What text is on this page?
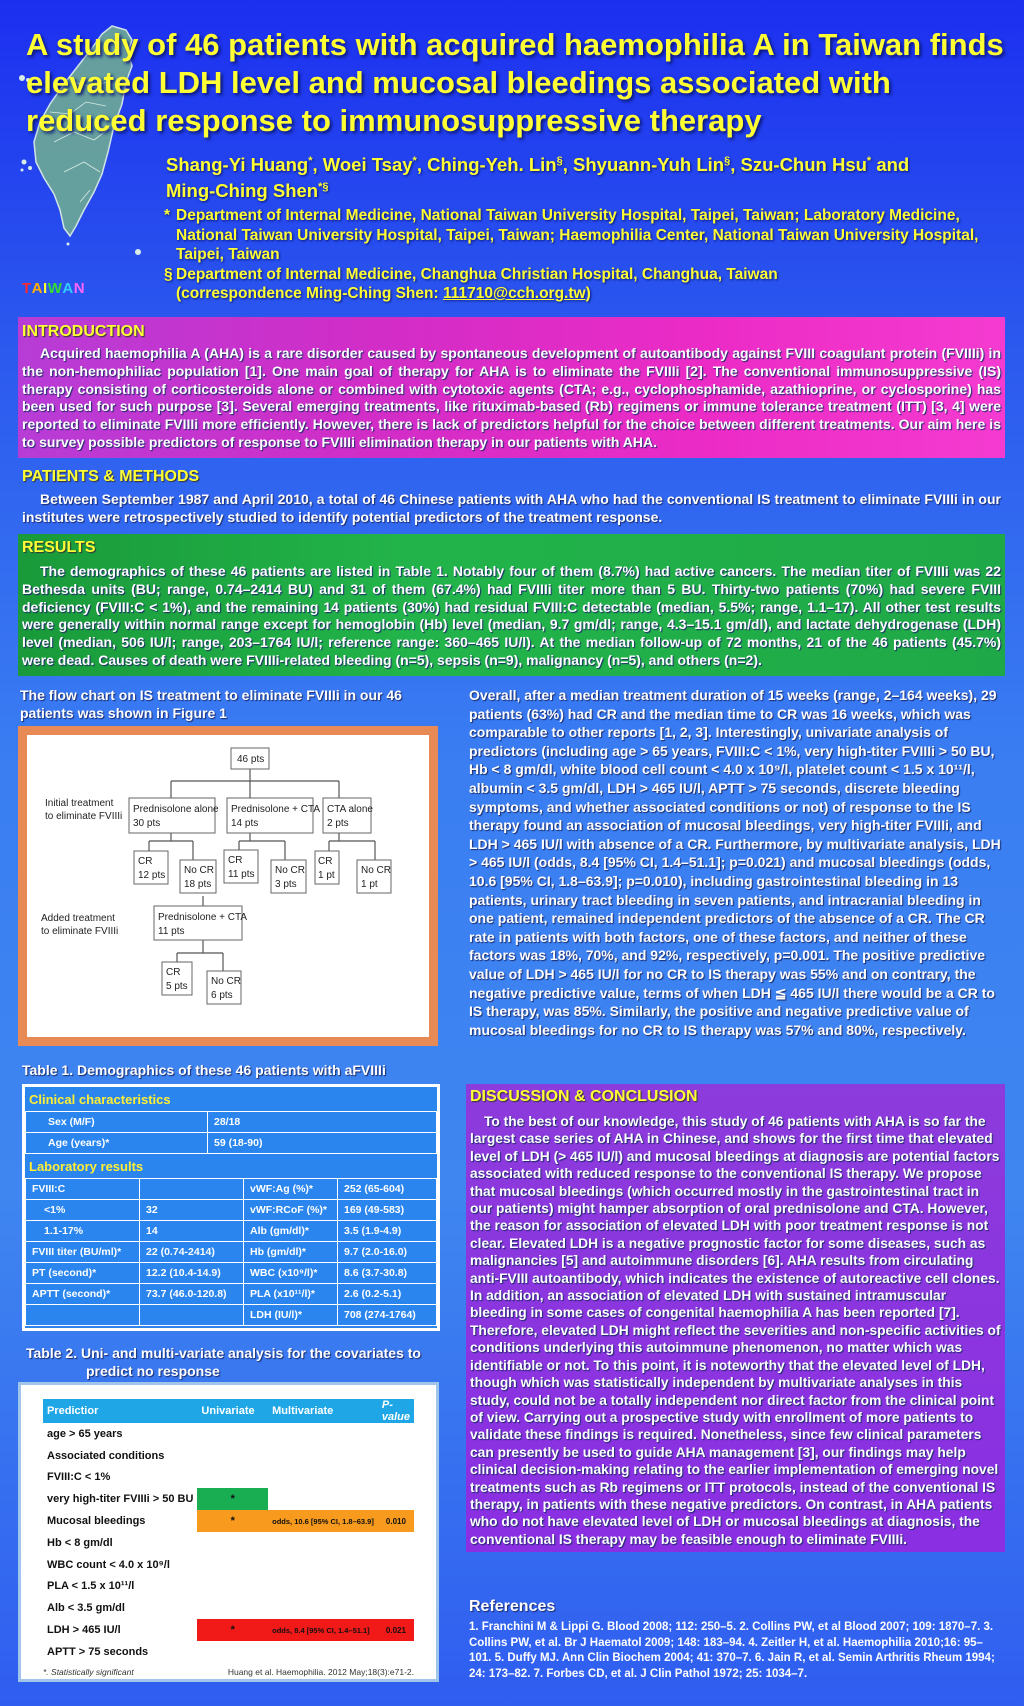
A study of 46 patients with acquired haemophilia A in Taiwan finds elevated LDH level and mucosal bleedings associated with reduced response to immunosuppressive therapy
Shang-Yi Huang*, Woei Tsay*, Ching-Yeh. Lin§, Shyuann-Yuh Lin§, Szu-Chun Hsu* and
Ming-Ching Shen*§
* Department of Internal Medicine, National Taiwan University Hospital, Taipei, Taiwan; Laboratory Medicine, National Taiwan University Hospital, Taipei, Taiwan; Haemophilia Center, National Taiwan University Hospital, Taipei, Taiwan
§ Department of Internal Medicine, Changhua Christian Hospital, Changhua, Taiwan
(correspondence Ming-Ching Shen: 111710@cch.org.tw)
TAIWAN
INTRODUCTION
Acquired haemophilia A (AHA) is a rare disorder caused by spontaneous development of autoantibody against FVIII coagulant protein (FVIIIi) in the non-hemophiliac population [1]. One main goal of therapy for AHA is to eliminate the FVIIIi [2]. The conventional immunosuppressive (IS) therapy consisting of corticosteroids alone or combined with cytotoxic agents (CTA; e.g., cyclophosphamide, azathioprine, or cyclosporine) has been used for such purpose [3]. Several emerging treatments, like rituximab-based (Rb) regimens or immune tolerance treatment (ITT) [3, 4] were reported to eliminate FVIIIi more efficiently. However, there is lack of predictors helpful for the choice between different treatments. Our aim here is to survey possible predictors of response to FVIIIi elimination therapy in our patients with AHA.
PATIENTS & METHODS
Between September 1987 and April 2010, a total of 46 Chinese patients with AHA who had the conventional IS treatment to eliminate FVIIIi in our institutes were retrospectively studied to identify potential predictors of the treatment response.
RESULTS
The demographics of these 46 patients are listed in Table 1. Notably four of them (8.7%) had active cancers. The median titer of FVIIIi was 22 Bethesda units (BU; range, 0.74–2414 BU) and 31 of them (67.4%) had FVIIIi titer more than 5 BU. Thirty-two patients (70%) had severe FVIII deficiency (FVIII:C < 1%), and the remaining 14 patients (30%) had residual FVIII:C detectable (median, 5.5%; range, 1.1–17). All other test results were generally within normal range except for hemoglobin (Hb) level (median, 9.7 gm/dl; range, 4.3–15.1 gm/dl), and lactate dehydrogenase (LDH) level (median, 506 IU/l; range, 203–1764 IU/l; reference range: 360–465 IU/l). At the median follow-up of 72 months, 21 of the 46 patients (45.7%) were dead. Causes of death were FVIIIi-related bleeding (n=5), sepsis (n=9), malignancy (n=5), and others (n=2).
The flow chart on IS treatment to eliminate FVIIIi in our 46 patients was shown in Figure 1
46 pts
Initial treatment
to eliminate FVIIIi
Added treatment
to eliminate FVIIIi
Prednisolone alone
30 pts
Prednisolone + CTA
14 pts
CTA alone
2 pts
CR
12 pts No CR
18 pts
CR
11 pts No CR
3 pts
CR
1 pt	No CR
1 pt
Prednisolone + CTA
11 pts
CR
5 pts No CR
6 pts
Overall, after a median treatment duration of 15 weeks (range, 2–164 weeks), 29 patients (63%) had CR and the median time to CR was 16 weeks, which was comparable to other reports [1, 2, 3]. Interestingly, univariate analysis of predictors (including age > 65 years, FVIII:C < 1%, very high-titer FVIIIi > 50 BU, Hb < 8 gm/dl, white blood cell count < 4.0 x 10⁹/l, platelet count < 1.5 x 10¹¹/l, albumin < 3.5 gm/dl, LDH > 465 IU/l, APTT > 75 seconds, discrete bleeding symptoms, and whether associated conditions or not) of response to the IS therapy found an association of mucosal bleedings, very high-titer FVIIIi, and LDH > 465 IU/l with absence of a CR. Furthermore, by multivariate analysis, LDH > 465 IU/l (odds, 8.4 [95% CI, 1.4–51.1]; p=0.021) and mucosal bleedings (odds, 10.6 [95% CI, 1.8–63.9]; p=0.010), including gastrointestinal bleeding in 13 patients, urinary tract bleeding in seven patients, and intracranial bleeding in one patient, remained independent predictors of the absence of a CR. The CR rate in patients with both factors, one of these factors, and neither of these factors was 18%, 70%, and 92%, respectively, p=0.001. The positive predictive value of LDH > 465 IU/l for no CR to IS therapy was 55% and on contrary, the negative predictive value, terms of when LDH ≦ 465 IU/l there would be a CR to IS therapy, was 85%. Similarly, the positive and negative predictive value of mucosal bleedings for no CR to IS therapy was 57% and 80%, respectively.
Table 1. Demographics of these 46 patients with aFVIIIi
Clinical characteristics
Sex (M/F)	28/18
Age (years)*	59 (18-90)
Laboratory results
FVIII:C		vWF:Ag (%)*	252 (65-604)
<1%	32	vWF:RCoF (%)*	169 (49-583)
1.1-17%	14	Alb (gm/dl)*	3.5 (1.9-4.9)
FVIII titer (BU/ml)*	22 (0.74-2414)	Hb (gm/dl)*	9.7 (2.0-16.0)
PT (second)*	12.2 (10.4-14.9)	WBC (x10⁹/l)*	8.6 (3.7-30.8)
APTT (second)*	73.7 (46.0-120.8)	PLA (x10¹¹/l)*	2.6 (0.2-5.1)
		LDH (IU/l)*	708 (274-1764)
Table 2. Uni- and multi-variate analysis for the covariates to
predict no response
Predictior	Univariate	Multivariate	P-value
age > 65 years			
Associated conditions			
FVIII:C < 1%			
very high-titer FVIIIi > 50 BU	*		
Mucosal bleedings	*	odds, 10.6 [95% CI, 1.8–63.9]	0.010
Hb < 8 gm/dl			
WBC count < 4.0 x 10⁹/l			
PLA < 1.5 x 10¹¹/l			
Alb < 3.5 gm/dl			
LDH > 465 IU/l	*	odds, 8.4 [95% CI, 1.4–51.1]	0.021
APTT > 75 seconds			
*. Statistically significant	Huang et al. Haemophilia. 2012 May;18(3):e71-2.
DISCUSSION & CONCLUSION
To the best of our knowledge, this study of 46 patients with AHA is so far the largest case series of AHA in Chinese, and shows for the first time that elevated level of LDH (> 465 IU/l) and mucosal bleedings at diagnosis are potential factors associated with reduced response to the conventional IS therapy. We propose that mucosal bleedings (which occurred mostly in the gastrointestinal tract in our patients) might hamper absorption of oral prednisolone and CTA. However, the reason for association of elevated LDH with poor treatment response is not clear. Elevated LDH is a negative prognostic factor for some diseases, such as malignancies [5] and autoimmune disorders [6]. AHA results from circulating anti-FVIII autoantibody, which indicates the existence of autoreactive cell clones. In addition, an association of elevated LDH with sustained intramuscular bleeding in some cases of congenital haemophilia A has been reported [7]. Therefore, elevated LDH might reflect the severities and non-specific activities of conditions underlying this autoimmune phenomenon, no matter which was identifiable or not. To this point, it is noteworthy that the elevated level of LDH, though which was statistically independent by multivariate analyses in this study, could not be a totally independent nor direct factor from the clinical point of view. Carrying out a prospective study with enrollment of more patients to validate these findings is required. Nonetheless, since few clinical parameters can presently be used to guide AHA management [3], our findings may help clinical decision-making relating to the earlier implementation of emerging novel treatments such as Rb regimens or ITT protocols, instead of the conventional IS therapy, in patients with these negative predictors. On contrast, in AHA patients who do not have elevated level of LDH or mucosal bleedings at diagnosis, the conventional IS therapy may be feasible enough to eliminate FVIIIi.
References
1. Franchini M & Lippi G. Blood 2008; 112: 250–5. 2. Collins PW, et al Blood 2007; 109: 1870–7. 3. Collins PW, et al. Br J Haematol 2009; 148: 183–94. 4. Zeitler H, et al. Haemophilia 2010;16: 95–101. 5. Duffy MJ. Ann Clin Biochem 2004; 41: 370–7. 6. Jain R, et al. Semin Arthritis Rheum 1994; 24: 173–82. 7. Forbes CD, et al. J Clin Pathol 1972; 25: 1034–7.
